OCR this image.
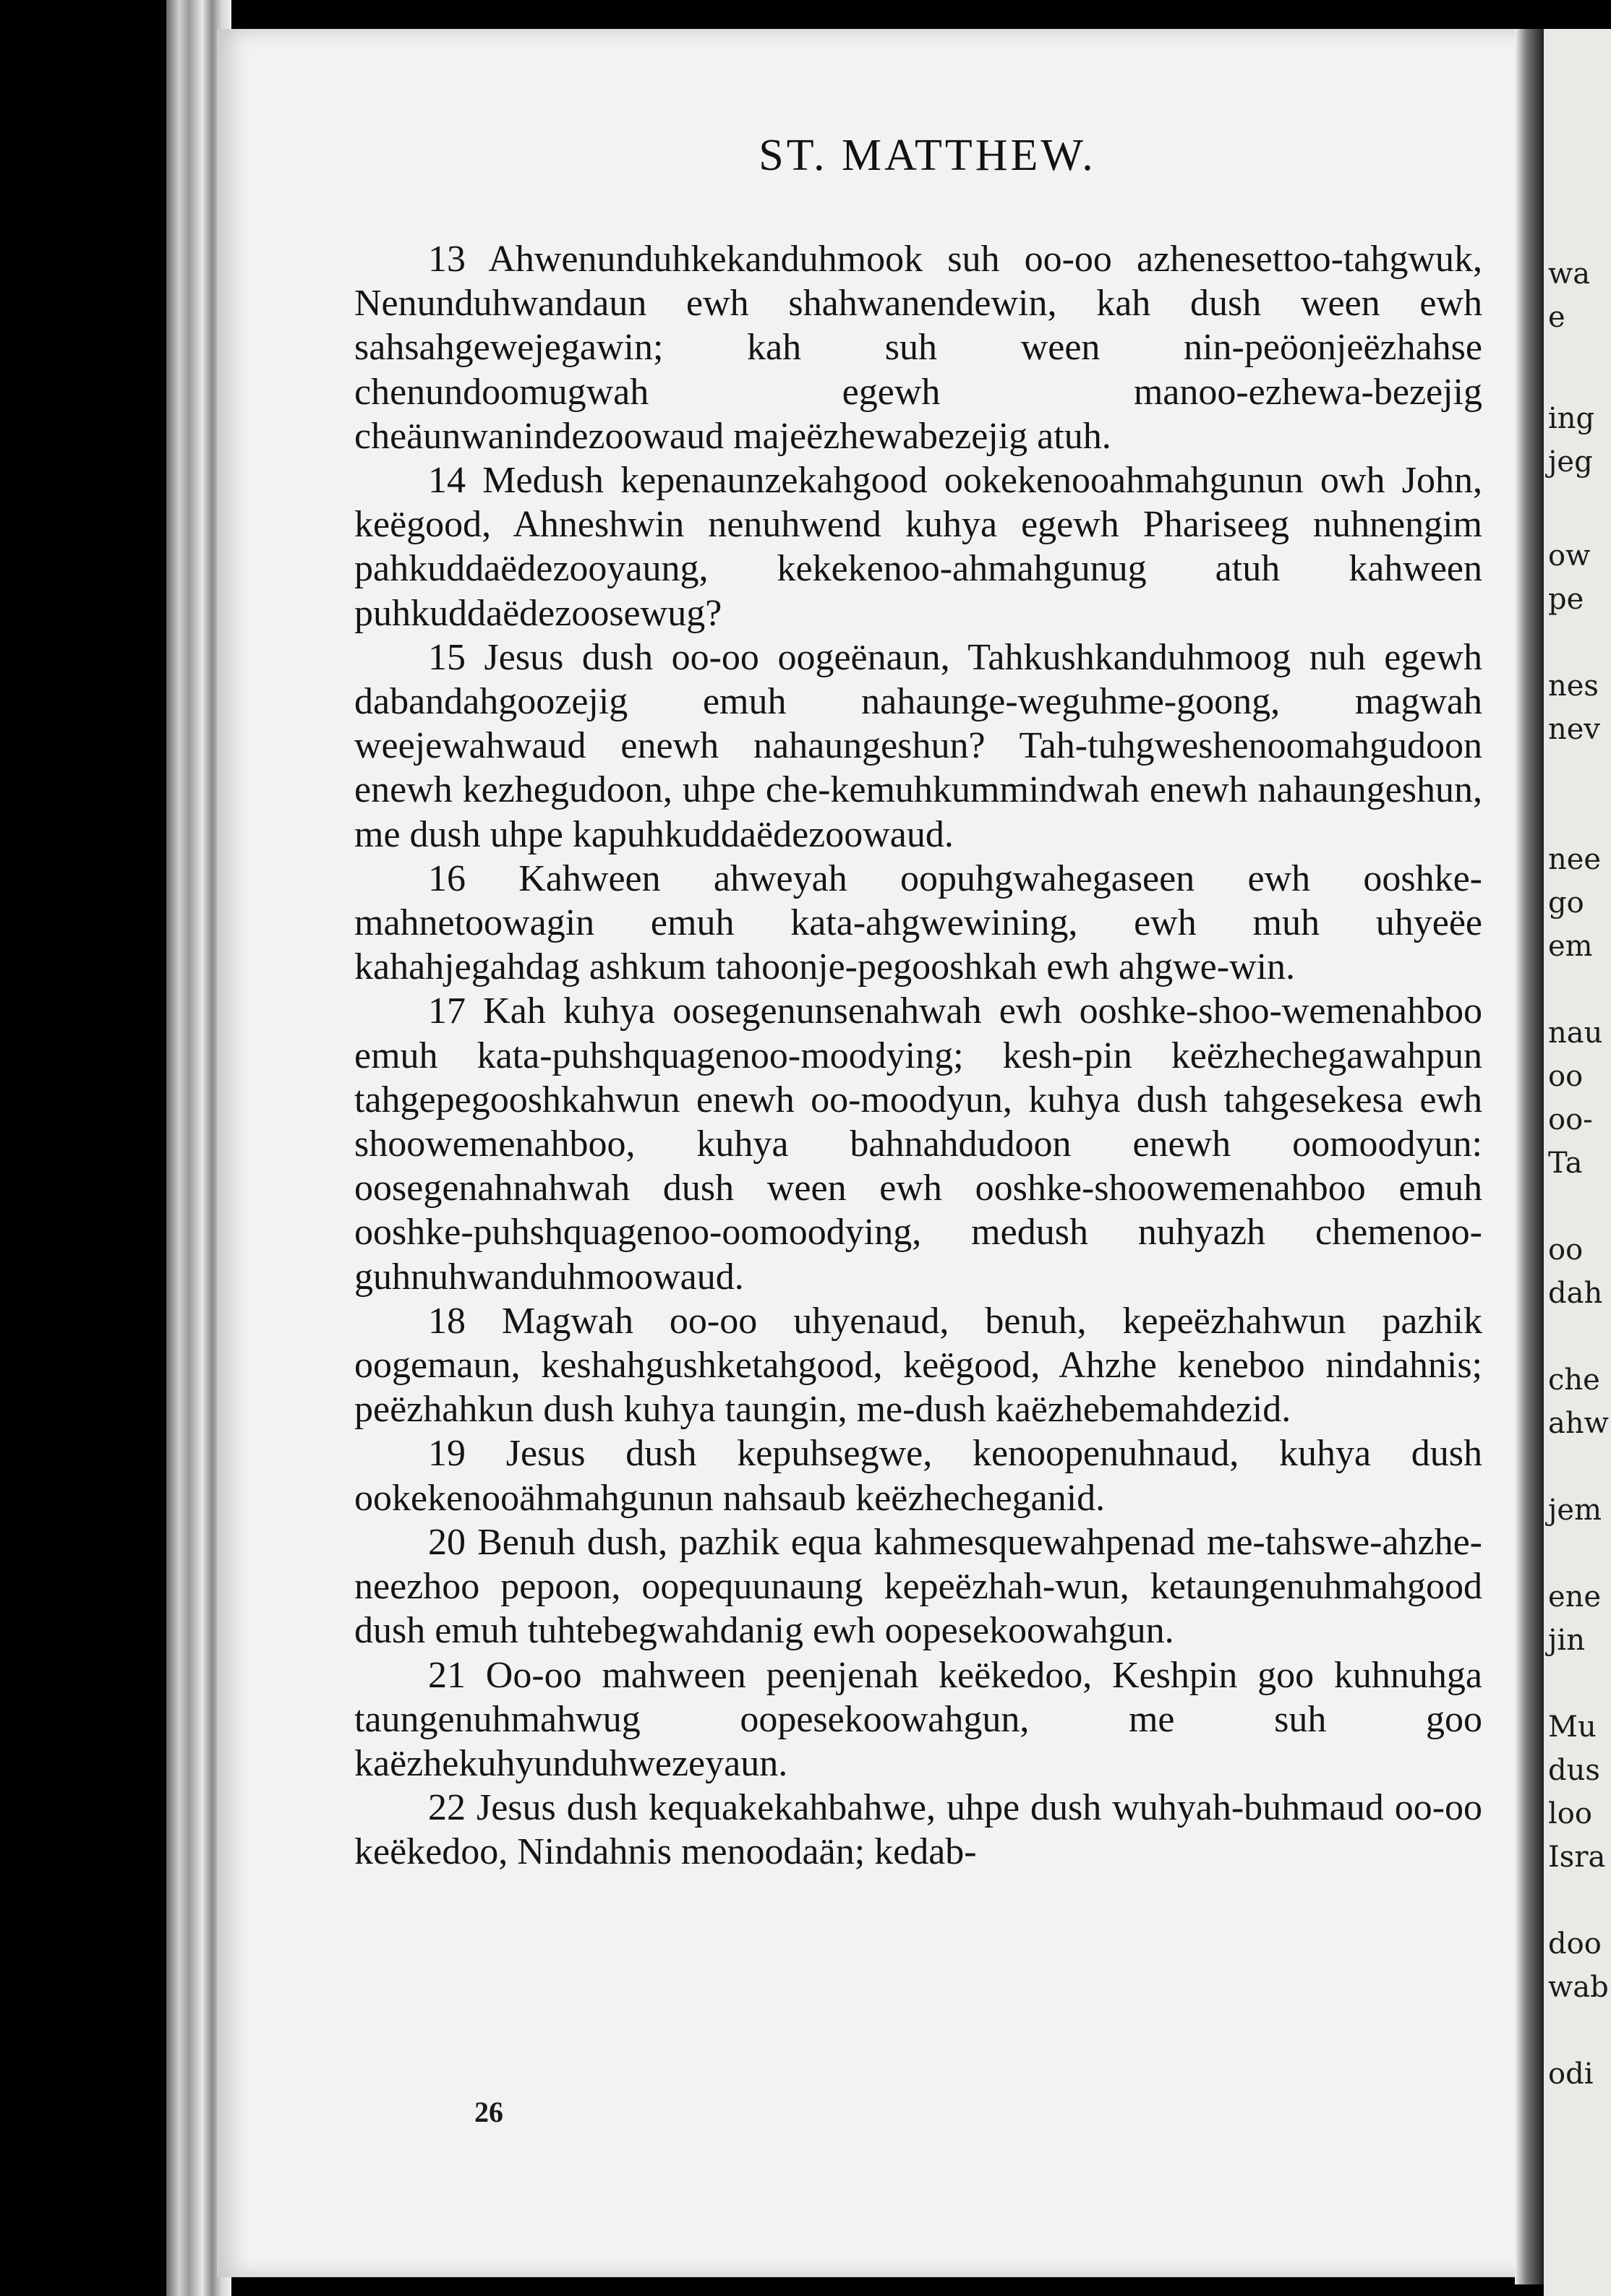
ST. MATTHEW.

13 Ahwenunduhkekanduhmook suh oo-oo azhenesettoo-tahgwuk, Nenunduhwandaun ewh shahwanendewin, kah dush ween ewh sahsahgewejegawin; kah suh ween nin-peöonjeëzhahse chenundoomugwah egewh manoo-ezhewa-bezejig cheäunwanindezoowaud majeëzhewabezejig atuh.

14 Medush kepenaunzekahgood ookekenooahmahgunun owh John, keëgood, Ahneshwin nenuhwend kuhya egewh Phariseeg nuhnengim pahkuddaëdezooyaung, kekekenoo-ahmahgunug atuh kahween puhkuddaëdezoosewug?

15 Jesus dush oo-oo oogeënaun, Tahkushkanduhmoog nuh egewh dabandahgoozejig emuh nahaunge-weguhme-goong, magwah weejewahwaud enewh nahaungeshun? Tah-tuhgweshenoomahgudoon enewh kezhegudoon, uhpe che-kemuhkummindwah enewh nahaungeshun, me dush uhpe kapuhkuddaëdezoowaud.

16 Kahween ahweyah oopuhgwahegaseen ewh ooshke-mahnetoowagin emuh kata-ahgwewining, ewh muh uhyeëe kahahjegahdag ashkum tahoonje-pegooshkah ewh ahgwe-win.

17 Kah kuhya oosegenunsenahwah ewh ooshke-shoo-wemenahboo emuh kata-puhshquagenoo-moodying; kesh-pin keëzhechegawahpun tahgepegooshkahwun enewh oo-moodyun, kuhya dush tahgesekesa ewh shoowemenahboo, kuhya bahnahdudoon enewh oomoodyun: oosegenahnahwah dush ween ewh ooshke-shoowemenahboo emuh ooshke-puhshquagenoo-oomoodying, medush nuhyazh chemenoo-guhnuhwanduhmoowaud.

18 Magwah oo-oo uhyenaud, benuh, kepeëzhahwun pazhik oogemaun, keshahgushketahgood, keëgood, Ahzhe keneboo nindahnis; peëzhahkun dush kuhya taungin, me-dush kaëzhebemahdezid.

19 Jesus dush kepuhsegwe, kenoopenuhnaud, kuhya dush ookekenooähmahgunun nahsaub keëzhecheganid.

20 Benuh dush, pazhik equa kahmesquewahpenad me-tahswe-ahzhe-neezhoo pepoon, oopequunaung kepeëzhah-wun, ketaungenuhmahgood dush emuh tuhtebegwahdanig ewh oopesekoowahgun.

21 Oo-oo mahween peenjenah keëkedoo, Keshpin goo kuhnuhga taungenuhmahwug oopesekoowahgun, me suh goo kaëzhekuhyunduhwezeyaun.

22 Jesus dush kequakekahbahwe, uhpe dush wuhyah-buhmaud oo-oo keëkedoo, Nindahnis menoodaän; kedab-

26
wa
e
ing
jeg
ow
pe
nes
nev
nee
go
em
nau
oo
oo-
Ta
oo
dah
che
ahw
jem
ene
jin
Mu
dus
loo
Isra
doo
wab
odi
